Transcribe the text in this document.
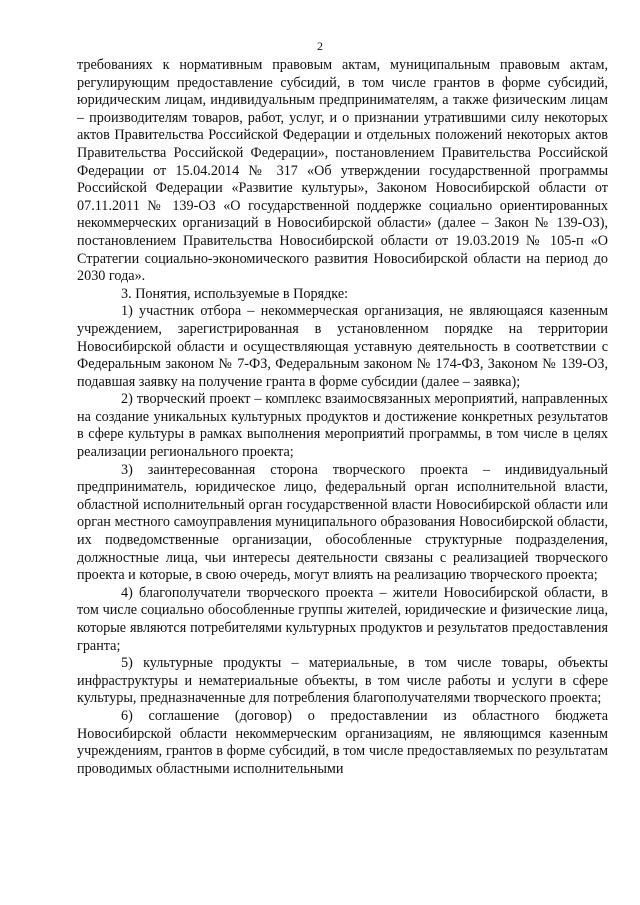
2

требованиях к нормативным правовым актам, муниципальным правовым актам, регулирующим предоставление субсидий, в том числе грантов в форме субсидий, юридическим лицам, индивидуальным предпринимателям, а также физическим лицам – производителям товаров, работ, услуг, и о признании утратившими силу некоторых актов Правительства Российской Федерации и отдельных положений некоторых актов Правительства Российской Федерации», постановлением Правительства Российской Федерации от 15.04.2014 № 317 «Об утверждении государственной программы Российской Федерации «Развитие культуры», Законом Новосибирской области от 07.11.2011 № 139-ОЗ «О государственной поддержке социально ориентированных некоммерческих организаций в Новосибирской области» (далее – Закон № 139-ОЗ), постановлением Правительства Новосибирской области от 19.03.2019 № 105-п «О Стратегии социально-экономического развития Новосибирской области на период до 2030 года».

3. Понятия, используемые в Порядке:

1) участник отбора – некоммерческая организация, не являющаяся казенным учреждением, зарегистрированная в установленном порядке на территории Новосибирской области и осуществляющая уставную деятельность в соответствии с Федеральным законом № 7-ФЗ, Федеральным законом № 174-ФЗ, Законом № 139-ОЗ, подавшая заявку на получение гранта в форме субсидии (далее – заявка);

2) творческий проект – комплекс взаимосвязанных мероприятий, направленных на создание уникальных культурных продуктов и достижение конкретных результатов в сфере культуры в рамках выполнения мероприятий программы, в том числе в целях реализации регионального проекта;

3) заинтересованная сторона творческого проекта – индивидуальный предприниматель, юридическое лицо, федеральный орган исполнительной власти, областной исполнительный орган государственной власти Новосибирской области или орган местного самоуправления муниципального образования Новосибирской области, их подведомственные организации, обособленные структурные подразделения, должностные лица, чьи интересы деятельности связаны с реализацией творческого проекта и которые, в свою очередь, могут влиять на реализацию творческого проекта;

4) благополучатели творческого проекта – жители Новосибирской области, в том числе социально обособленные группы жителей, юридические и физические лица, которые являются потребителями культурных продуктов и результатов предоставления гранта;

5) культурные продукты – материальные, в том числе товары, объекты инфраструктуры и нематериальные объекты, в том числе работы и услуги в сфере культуры, предназначенные для потребления благополучателями творческого проекта;

6) соглашение (договор) о предоставлении из областного бюджета Новосибирской области некоммерческим организациям, не являющимся казенным учреждениям, грантов в форме субсидий, в том числе предоставляемых по результатам проводимых областными исполнительными
